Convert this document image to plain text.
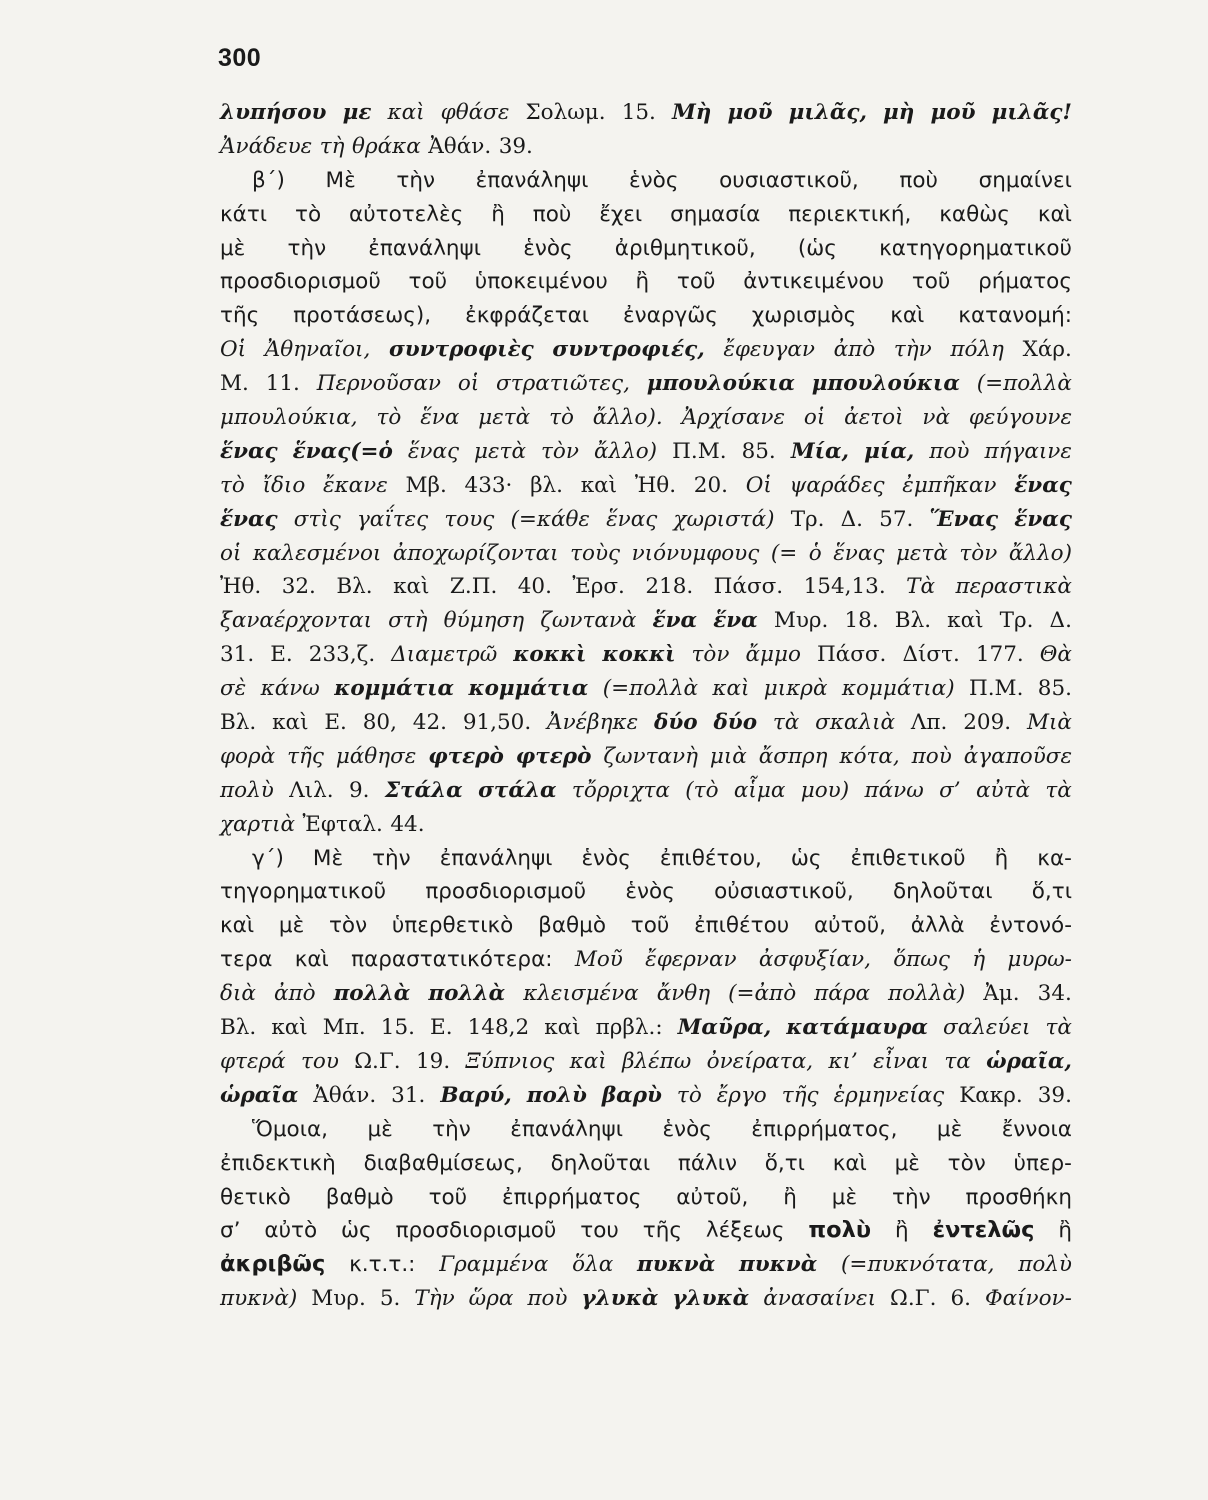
300
λυπήσου με καὶ φθάσε Σολωμ. 15. Μὴ μοῦ μιλᾶς, μὴ μοῦ μιλᾶς!
Ἀνάδευε τὴ θράκα Ἀθάν. 39.
β΄) Μὲ τὴν ἐπανάληψι ἑνὸς ουσιαστικοῦ, ποὺ σημαίνει
κάτι τὸ αὐτοτελὲς ἢ ποὺ ἔχει σημασία περιεκτική, καθὼς καὶ
μὲ τὴν ἐπανάληψι ἑνὸς ἀριθμητικοῦ, (ὡς κατηγορηματικοῦ
προσδιορισμοῦ τοῦ ὑποκειμένου ἢ τοῦ ἀντικειμένου τοῦ ρήματος
τῆς προτάσεως), ἐκφράζεται ἐναργῶς χωρισμὸς καὶ κατανομή:
Οἱ Ἀθηναῖοι, συντροφιὲς συντροφιές, ἔφευγαν ἀπὸ τὴν πόλη Χάρ.
Μ. 11. Περνοῦσαν οἱ στρατιῶτες, μπουλούκια μπουλούκια (=πολλὰ
μπουλούκια, τὸ ἕνα μετὰ τὸ ἄλλο). Ἀρχίσανε οἱ ἀετοὶ νὰ φεύγουνε
ἕνας ἕνας(=ὁ ἕνας μετὰ τὸν ἄλλο) Π.Μ. 85. Μία, μία, ποὺ πήγαινε
τὸ ἴδιο ἔκανε Μβ. 433· βλ. καὶ Ἠθ. 20. Οἱ ψαράδες ἐμπῆκαν ἕνας
ἕνας στὶς γαΐτες τους (=κάθε ἕνας χωριστά) Τρ. Δ. 57. Ἕνας ἕνας
οἱ καλεσμένοι ἀποχωρίζονται τοὺς νιόνυμφους (= ὁ ἕνας μετὰ τὸν ἄλλο)
Ἠθ. 32. Βλ. καὶ Ζ.Π. 40. Ἐρσ. 218. Πάσσ. 154,13. Τὰ περαστικὰ
ξαναέρχονται στὴ θύμηση ζωντανὰ ἕνα ἕνα Μυρ. 18. Βλ. καὶ Τρ. Δ.
31. Ε. 233,ζ. Διαμετρῶ κοκκὶ κοκκὶ τὸν ἄμμο Πάσσ. Δίστ. 177. Θὰ
σὲ κάνω κομμάτια κομμάτια (=πολλὰ καὶ μικρὰ κομμάτια) Π.Μ. 85.
Βλ. καὶ Ε. 80, 42. 91,50. Ἀνέβηκε δύο δύο τὰ σκαλιὰ Λπ. 209. Μιὰ
φορὰ τῆς μάθησε φτερὸ φτερὸ ζωντανὴ μιὰ ἄσπρη κότα, ποὺ ἀγαποῦσε
πολὺ Λιλ. 9. Στάλα στάλα τὄρριχτα (τὸ αἷμα μου) πάνω σ’ αὐτὰ τὰ
χαρτιὰ Ἐφταλ. 44.
γ΄) Μὲ τὴν ἐπανάληψι ἑνὸς ἐπιθέτου, ὡς ἐπιθετικοῦ ἢ κα-
τηγορηματικοῦ προσδιορισμοῦ ἑνὸς οὐσιαστικοῦ, δηλοῦται ὅ,τι
καὶ μὲ τὸν ὑπερθετικὸ βαθμὸ τοῦ ἐπιθέτου αὐτοῦ, ἀλλὰ ἐντονό-
τερα καὶ παραστατικότερα: Μοῦ ἔφερναν ἀσφυξίαν, ὅπως ἡ μυρω-
διὰ ἀπὸ πολλὰ πολλὰ κλεισμένα ἄνθη (=ἀπὸ πάρα πολλὰ) Ἀμ. 34.
Βλ. καὶ Μπ. 15. Ε. 148,2 καὶ πρβλ.: Μαῦρα, κατάμαυρα σαλεύει τὰ
φτερά του Ω.Γ. 19. Ξύπνιος καὶ βλέπω ὀνείρατα, κι’ εἶναι τα ὡραῖα,
ὡραῖα Ἀθάν. 31. Βαρύ, πολὺ βαρὺ τὸ ἔργο τῆς ἑρμηνείας Κακρ. 39.
Ὅμοια, μὲ τὴν ἐπανάληψι ἑνὸς ἐπιρρήματος, μὲ ἔννοια
ἐπιδεκτικὴ διαβαθμίσεως, δηλοῦται πάλιν ὅ,τι καὶ μὲ τὸν ὑπερ-
θετικὸ βαθμὸ τοῦ ἐπιρρήματος αὐτοῦ, ἢ μὲ τὴν προσθήκη
σ’ αὐτὸ ὡς προσδιορισμοῦ του τῆς λέξεως πολὺ ἢ ἐντελῶς ἢ
ἀκριβῶς κ.τ.τ.: Γραμμένα ὅλα πυκνὰ πυκνὰ (=πυκνότατα, πολὺ
πυκνὰ) Μυρ. 5. Τὴν ὥρα ποὺ γλυκὰ γλυκὰ ἀνασαίνει Ω.Γ. 6. Φαίνον-
